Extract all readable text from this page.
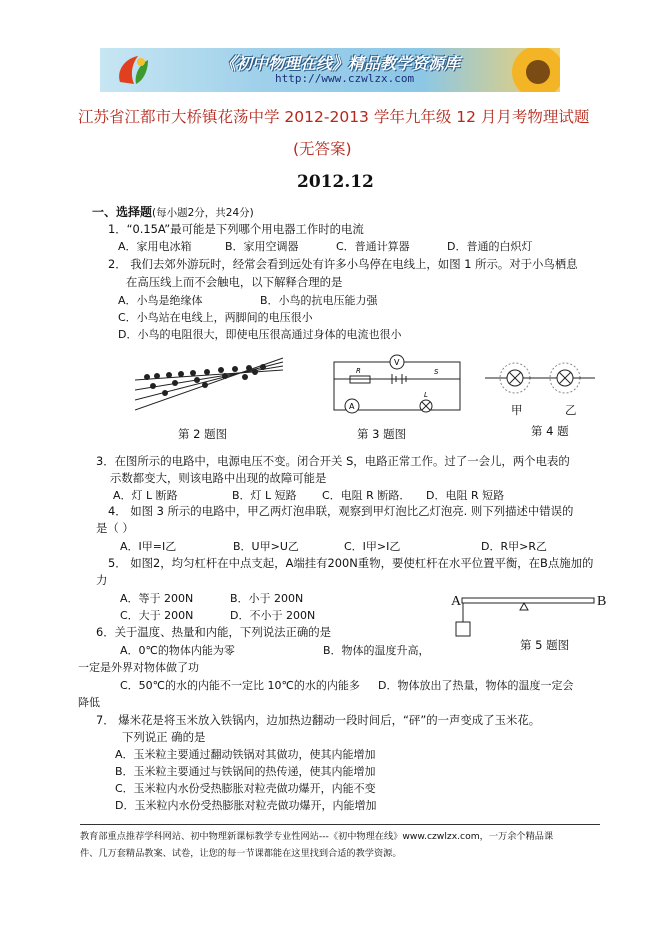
《初中物理在线》精品教学资源库
http://www.czwlzx.com
江苏省江都市大桥镇花荡中学 2012-2013 学年九年级 12 月月考物理试题
(无答案)
2012.12
一、选择题(每小题2分，共24分)
1．“0.15A”最可能是下列哪个用电器工作时的电流
A．家用电冰箱	B．家用空调器	C．普通计算器	D．普通的白炽灯
2． 我们去郊外游玩时，经常会看到远处有许多小鸟停在电线上，如图 1 所示。对于小鸟栖息
在高压线上而不会触电，以下解释合理的是
A．小鸟是绝缘体	B．小鸟的抗电压能力强
C．小鸟站在电线上，两脚间的电压很小
D．小鸟的电阻很大，即使电压很高通过身体的电流也很小
第 2 题图
V
A
R	S
L
第 3 题图
甲	乙
第 4 题
3．在图所示的电路中，电源电压不变。闭合开关 S，电路正常工作。过了一会儿，两个电表的
示数都变大，则该电路中出现的故障可能是
A．灯 L 断路	B．灯 L 短路 C．电阻 R 断路． D．电阻 R 短路
4． 如图 3 所示的电路中，甲乙两灯泡串联，观察到甲灯泡比乙灯泡亮. 则下列描述中错误的
是（ ）
A．I甲=I乙	B．U甲>U乙	C．I甲>I乙	D．R甲>R乙
5． 如图2，均匀杠杆在中点支起，A端挂有200N重物，要使杠杆在水平位置平衡，在B点施加的
力
A．等于 200N	B．小于 200N
C．大于 200N	D．不小于 200N
A	B
第 5 题图
6．关于温度、热量和内能，下列说法正确的是
A．0℃的物体内能为零	B．物体的温度升高，
一定是外界对物体做了功
C．50℃的水的内能不一定比 10℃的水的内能多 D．物体放出了热量，物体的温度一定会
降低
7． 爆米花是将玉米放入铁锅内，边加热边翻动一段时间后，“砰”的一声变成了玉米花。
下列说正 确的是
A．玉米粒主要通过翻动铁锅对其做功，使其内能增加
B．玉米粒主要通过与铁锅间的热传递，使其内能增加
C．玉米粒内水份受热膨胀对粒壳做功爆开，内能不变
D．玉米粒内水份受热膨胀对粒壳做功爆开，内能增加
教育部重点推荐学科网站、初中物理新课标教学专业性网站---《初中物理在线》www.czwlzx.com，一万余个精品课
件、几万套精品教案、试卷，让您的每一节课都能在这里找到合适的教学资源。
